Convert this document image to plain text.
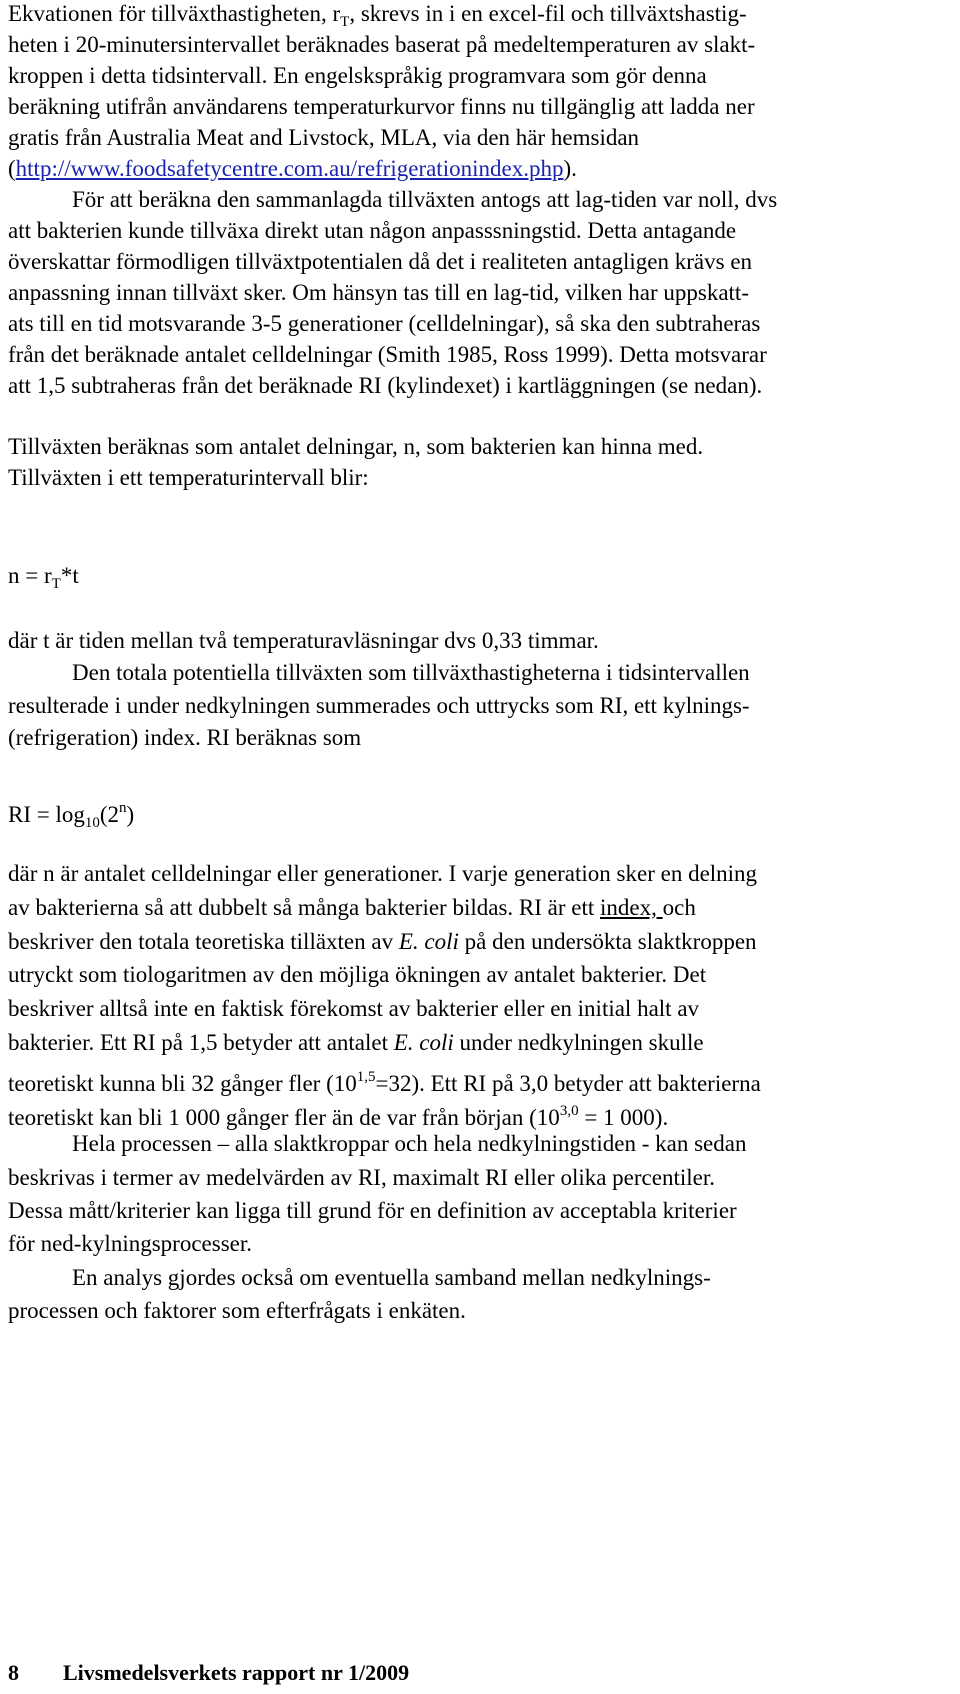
Ekvationen för tillväxthastigheten, $r_T$, skrevs in i en excel-fil och tillväxtshastig-
heten i 20-minutersintervallet beräknades baserat på medeltemperaturen av slakt-
kroppen i detta tidsintervall. En engelskspråkig programvara som gör denna
beräkning utifrån användarens temperaturkurvor finns nu tillgänglig att ladda ner
gratis från Australia Meat and Livstock, MLA, via den här hemsidan
(http://www.foodsafetycentre.com.au/refrigerationindex.php).
För att beräkna den sammanlagda tillväxten antogs att lag-tiden var noll, dvs
att bakterien kunde tillväxa direkt utan någon anpasssningstid. Detta antagande
överskattar förmodligen tillväxtpotentialen då det i realiteten antagligen krävs en
anpassning innan tillväxt sker. Om hänsyn tas till en lag-tid, vilken har uppskatt-
ats till en tid motsvarande 3-5 generationer (celldelningar), så ska den subtraheras
från det beräknade antalet celldelningar (Smith 1985, Ross 1999). Detta motsvarar
att 1,5 subtraheras från det beräknade RI (kylindexet) i kartläggningen (se nedan).
Tillväxten beräknas som antalet delningar, n, som bakterien kan hinna med.
Tillväxten i ett temperaturintervall blir:
$n = r_T*t$
där t är tiden mellan två temperaturavläsningar dvs 0,33 timmar.
Den totala potentiella tillväxten som tillväxthastigheterna i tidsintervallen
resulterade i under nedkylningen summerades och uttrycks som RI, ett kylnings-
(refrigeration) index. RI beräknas som
RI = $\log_{10}(2^n)$
där n är antalet celldelningar eller generationer. I varje generation sker en delning
av bakterierna så att dubbelt så många bakterier bildas. RI är ett index, och
beskriver den totala teoretiska tilläxten av E. coli på den undersökta slaktkroppen
utryckt som tiologaritmen av den möjliga ökningen av antalet bakterier. Det
beskriver alltså inte en faktisk förekomst av bakterier eller en initial halt av
bakterier. Ett RI på 1,5 betyder att antalet E. coli under nedkylningen skulle
teoretiskt kunna bli 32 gånger fler $(10^{1,5}=32)$. Ett RI på 3,0 betyder att bakterierna
teoretiskt kan bli 1 000 gånger fler än de var från början ($10^{3,0} = 1$ 000).
Hela processen – alla slaktkroppar och hela nedkylningstiden - kan sedan
beskrivas i termer av medelvärden av RI, maximalt RI eller olika percentiler.
Dessa mått/kriterier kan ligga till grund för en definition av acceptabla kriterier
för ned-kylningsprocesser.
En analys gjordes också om eventuella samband mellan nedkylnings-
processen och faktorer som efterfrågats i enkäten.
8 Livsmedelsverkets rapport nr 1/2009
